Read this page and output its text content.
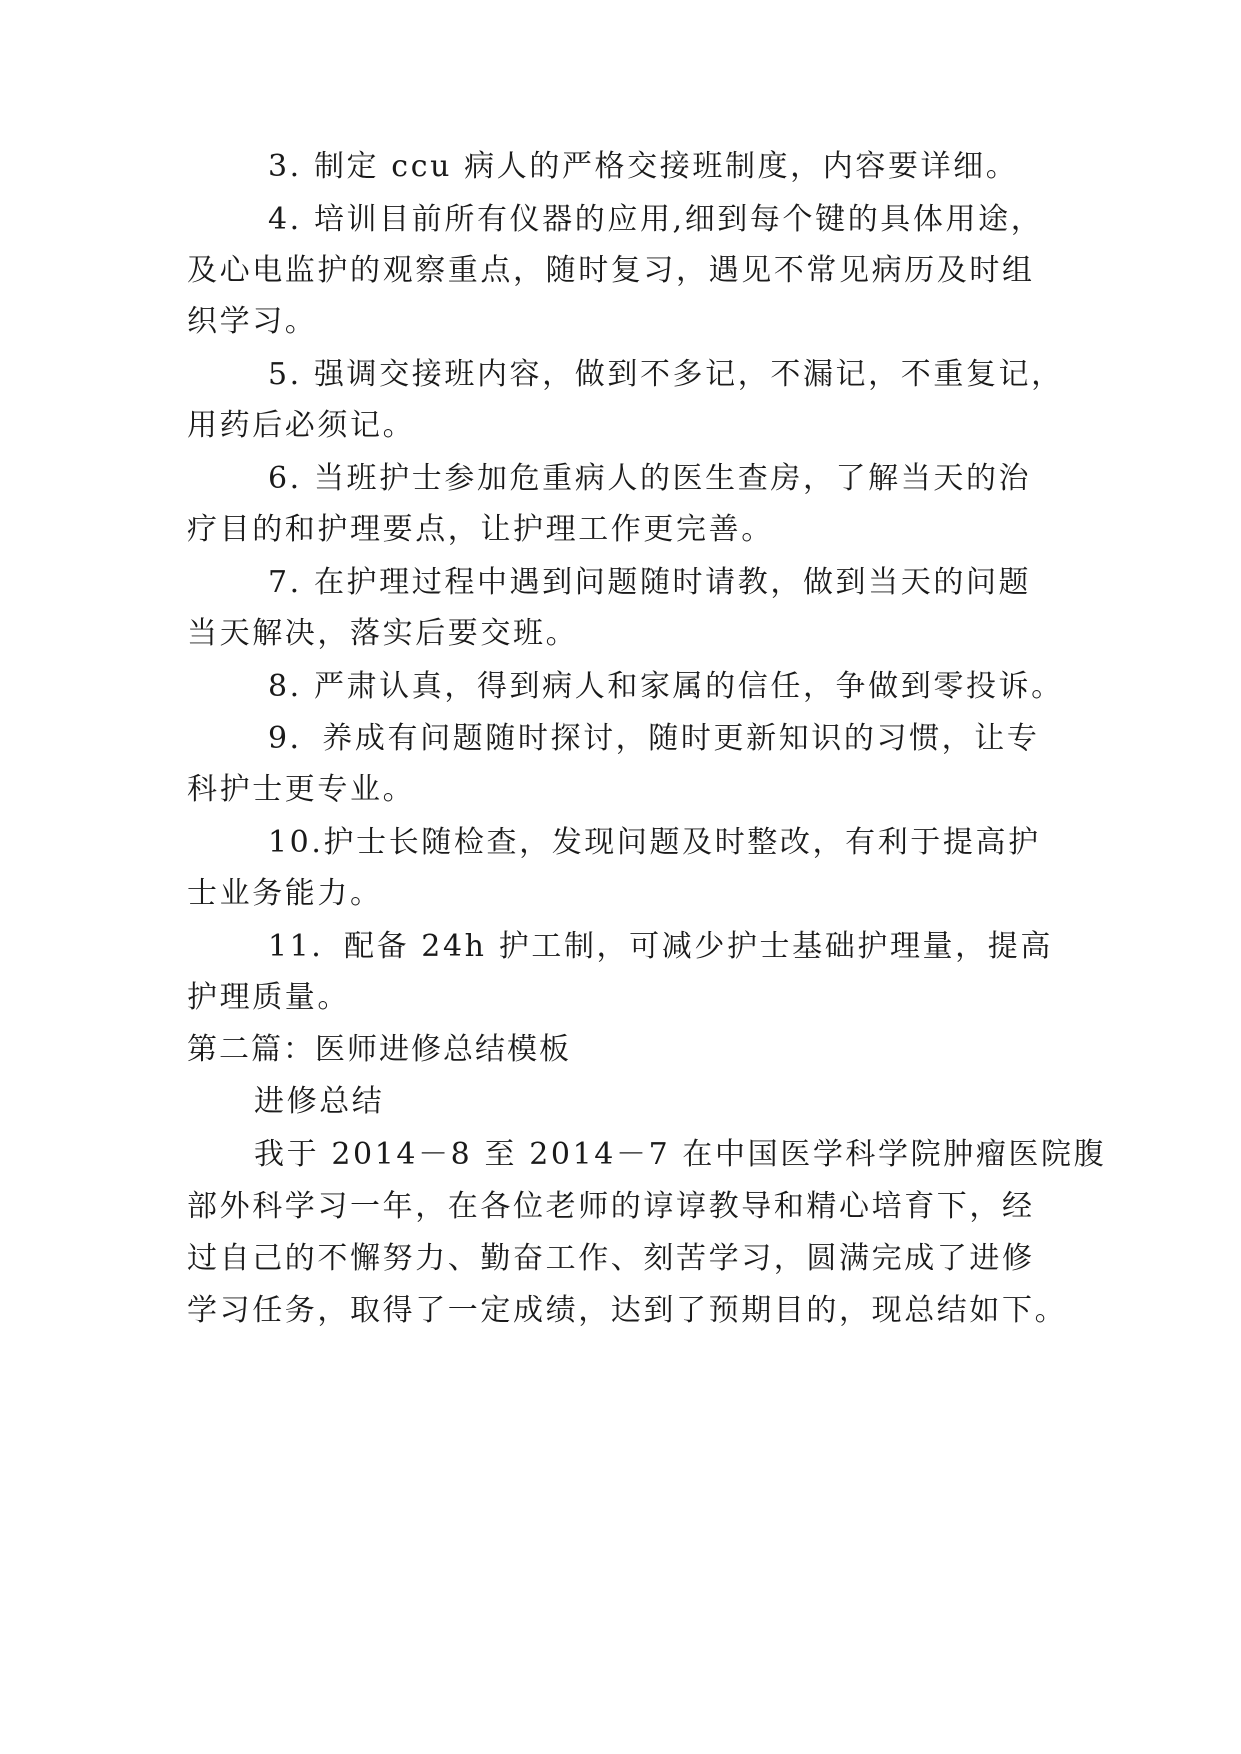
3. 制定 ccu 病人的严格交接班制度，内容要详细。

4. 培训目前所有仪器的应用,细到每个键的具体用途，

及心电监护的观察重点，随时复习，遇见不常见病历及时组

织学习。

5. 强调交接班内容，做到不多记，不漏记，不重复记，

用药后必须记。

6. 当班护士参加危重病人的医生查房，了解当天的治

疗目的和护理要点，让护理工作更完善。

7. 在护理过程中遇到问题随时请教，做到当天的问题

当天解决，落实后要交班。

8. 严肃认真，得到病人和家属的信任，争做到零投诉。

9．养成有问题随时探讨，随时更新知识的习惯，让专

科护士更专业。

10.护士长随检查，发现问题及时整改，有利于提高护

士业务能力。

11．配备 24h 护工制，可减少护士基础护理量，提高

护理质量。

第二篇：医师进修总结模板

进修总结

我于 2014－8 至 2014－7 在中国医学科学院肿瘤医院腹

部外科学习一年，在各位老师的谆谆教导和精心培育下，经

过自己的不懈努力、勤奋工作、刻苦学习，圆满完成了进修

学习任务，取得了一定成绩，达到了预期目的，现总结如下。
